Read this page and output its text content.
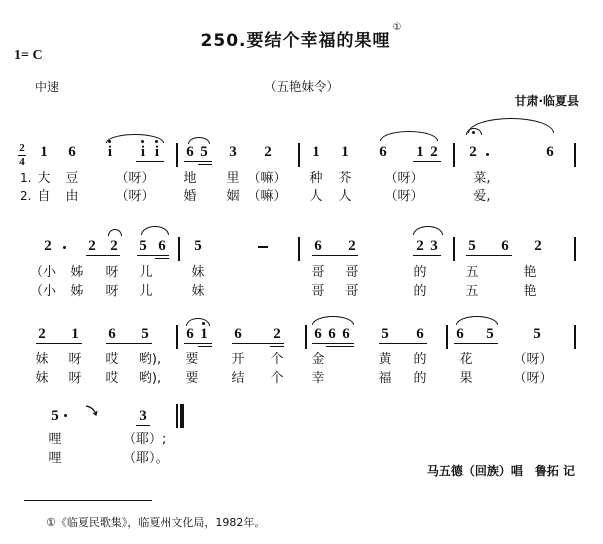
250.要结个幸福的果哩①
1= C
中速	（五艳妹令）
甘肃·临夏县
2
4
1 6	i	i i	6 5 3 2	1 1 6 1 2 2	6
1.
2.
大	豆	（呀）	地	里 （嘛）	种	芥	（呀）	菜,
自	由	（呀）	婚	姻 （嘛）	人	人	（呀）	爱,
2 2 2 5 6 5	6 2	2 3 5 6 2
（小	姊	呀	儿	妹	哥	哥	的	五	艳
（小	姊	呀	儿	妹	哥	哥	的	五	艳
2 1 6 5	6 1 6 2 6 6 6 5 6 6 5	5
妹	呀	哎	哟),	要	开	个	金	黄	的	花	（呀）
妹	呀	哎	哟),	要	结	个	幸	福	的	果	（呀）
5	3
哩	（耶）;
哩	（耶）。
马五德（回族）唱　鲁拓 记
①《临夏民歌集》，临夏州文化局，1982年。
